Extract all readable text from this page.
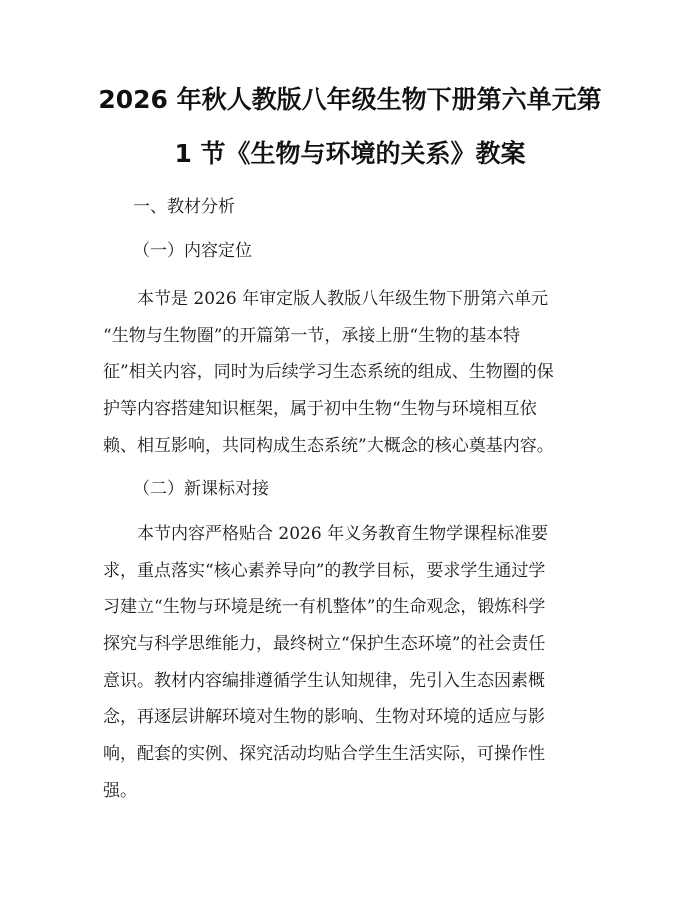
2026 年秋人教版八年级生物下册第六单元第
1 节《生物与环境的关系》教案
一、教材分析
（一）内容定位
本节是 2026 年审定版人教版八年级生物下册第六单元
“生物与生物圈”的开篇第一节，承接上册“生物的基本特
征”相关内容，同时为后续学习生态系统的组成、生物圈的保
护等内容搭建知识框架，属于初中生物“生物与环境相互依
赖、相互影响，共同构成生态系统”大概念的核心奠基内容。
（二）新课标对接
本节内容严格贴合 2026 年义务教育生物学课程标准要
求，重点落实“核心素养导向”的教学目标，要求学生通过学
习建立“生物与环境是统一有机整体”的生命观念，锻炼科学
探究与科学思维能力，最终树立“保护生态环境”的社会责任
意识。教材内容编排遵循学生认知规律，先引入生态因素概
念，再逐层讲解环境对生物的影响、生物对环境的适应与影
响，配套的实例、探究活动均贴合学生生活实际，可操作性
强。
